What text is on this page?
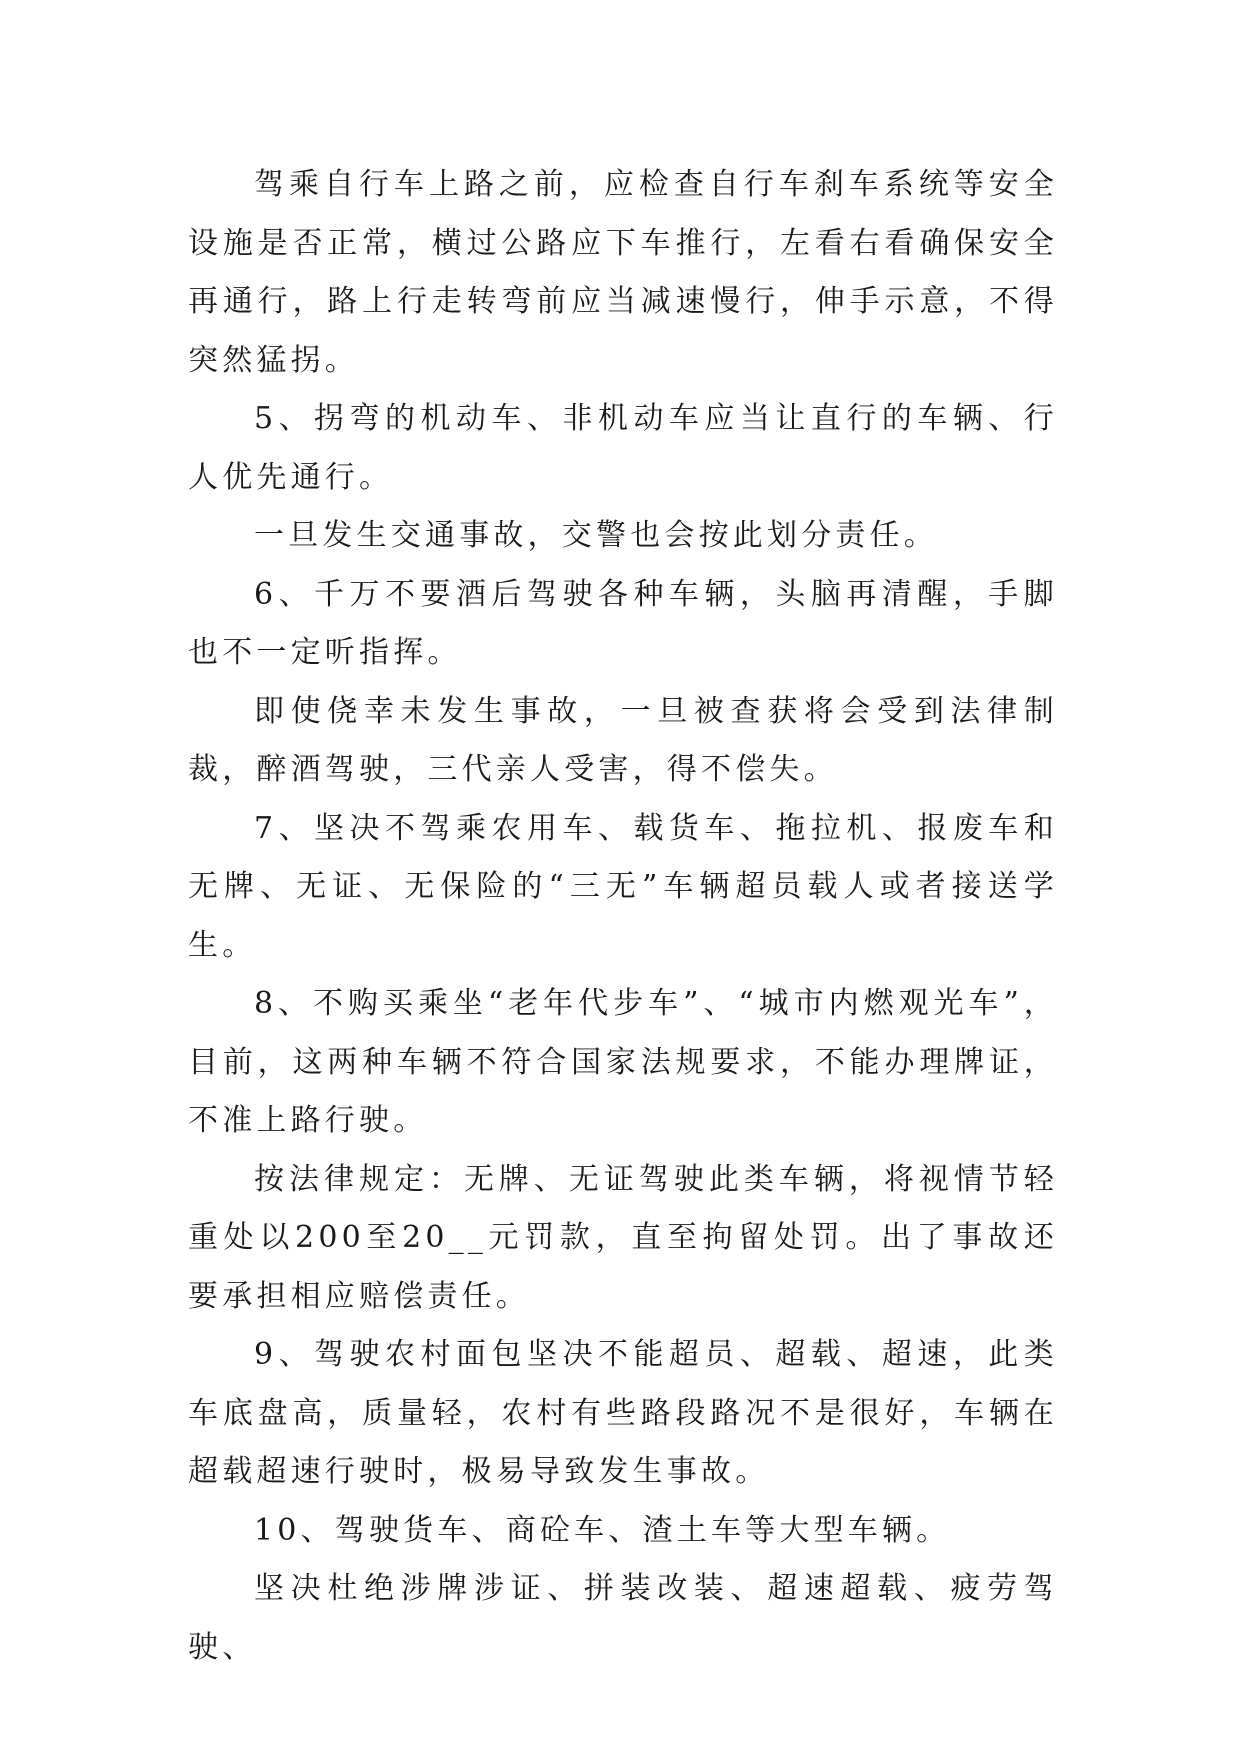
驾乘自行车上路之前，应检查自行车刹车系统等安全设施是否正常，横过公路应下车推行，左看右看确保安全再通行，路上行走转弯前应当减速慢行，伸手示意，不得突然猛拐。

5、拐弯的机动车、非机动车应当让直行的车辆、行人优先通行。

一旦发生交通事故，交警也会按此划分责任。

6、千万不要酒后驾驶各种车辆，头脑再清醒，手脚也不一定听指挥。

即使侥幸未发生事故，一旦被查获将会受到法律制裁，醉酒驾驶，三代亲人受害，得不偿失。

7、坚决不驾乘农用车、载货车、拖拉机、报废车和无牌、无证、无保险的“三无”车辆超员载人或者接送学生。

8、不购买乘坐“老年代步车”、“城市内燃观光车”，目前，这两种车辆不符合国家法规要求，不能办理牌证，不准上路行驶。

按法律规定：无牌、无证驾驶此类车辆，将视情节轻重处以200至20__元罚款，直至拘留处罚。出了事故还要承担相应赔偿责任。

9、驾驶农村面包坚决不能超员、超载、超速，此类车底盘高，质量轻，农村有些路段路况不是很好，车辆在超载超速行驶时，极易导致发生事故。

10、驾驶货车、商砼车、渣土车等大型车辆。

坚决杜绝涉牌涉证、拼装改装、超速超载、疲劳驾驶、
